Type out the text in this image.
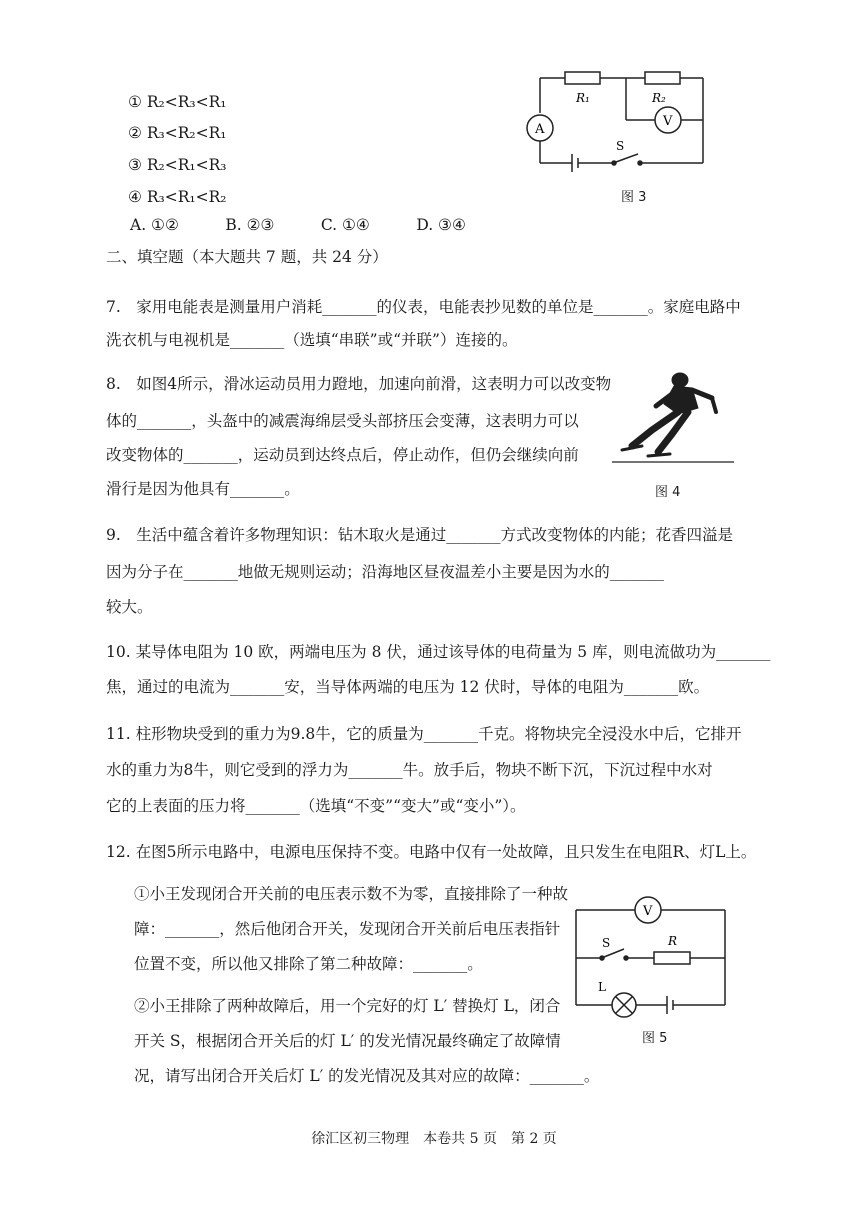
① R₂<R₃<R₁
② R₃<R₂<R₁
③ R₂<R₁<R₃
④ R₃<R₁<R₂
A. ①②　　　B. ②③　　　C. ①④　　　D. ③④
R₁	R₂
A
V
S
图 3
二、填空题（本大题共 7 题，共 24 分）
7.　家用电能表是测量用户消耗_______的仪表，电能表抄见数的单位是_______。家庭电路中
洗衣机与电视机是_______（选填“串联”或“并联”）连接的。
8.　如图4所示，滑冰运动员用力蹬地，加速向前滑，这表明力可以改变物
体的_______，头盔中的减震海绵层受头部挤压会变薄，这表明力可以
改变物体的_______，运动员到达终点后，停止动作，但仍会继续向前
滑行是因为他具有_______。	图 4
9.　生活中蕴含着许多物理知识：钻木取火是通过_______方式改变物体的内能；花香四溢是
因为分子在_______地做无规则运动；沿海地区昼夜温差小主要是因为水的_______
较大。
10. 某导体电阻为 10 欧，两端电压为 8 伏，通过该导体的电荷量为 5 库，则电流做功为_______
焦，通过的电流为_______安，当导体两端的电压为 12 伏时，导体的电阻为_______欧。
11. 柱形物块受到的重力为9.8牛，它的质量为_______千克。将物块完全浸没水中后，它排开
水的重力为8牛，则它受到的浮力为_______牛。放手后，物块不断下沉，下沉过程中水对
它的上表面的压力将_______（选填“不变”“变大”或“变小”）。
12. 在图5所示电路中，电源电压保持不变。电路中仅有一处故障，且只发生在电阻R、灯L上。
①小王发现闭合开关前的电压表示数不为零，直接排除了一种故
障：_______，然后他闭合开关，发现闭合开关前后电压表指针
位置不变，所以他又排除了第二种故障：_______。
②小王排除了两种故障后，用一个完好的灯 L′ 替换灯 L，闭合
开关 S，根据闭合开关后的灯 L′ 的发光情况最终确定了故障情
况，请写出闭合开关后灯 L′ 的发光情况及其对应的故障：_______。
V
S	R
L
图 5
徐汇区初三物理　本卷共 5 页　第 2 页
